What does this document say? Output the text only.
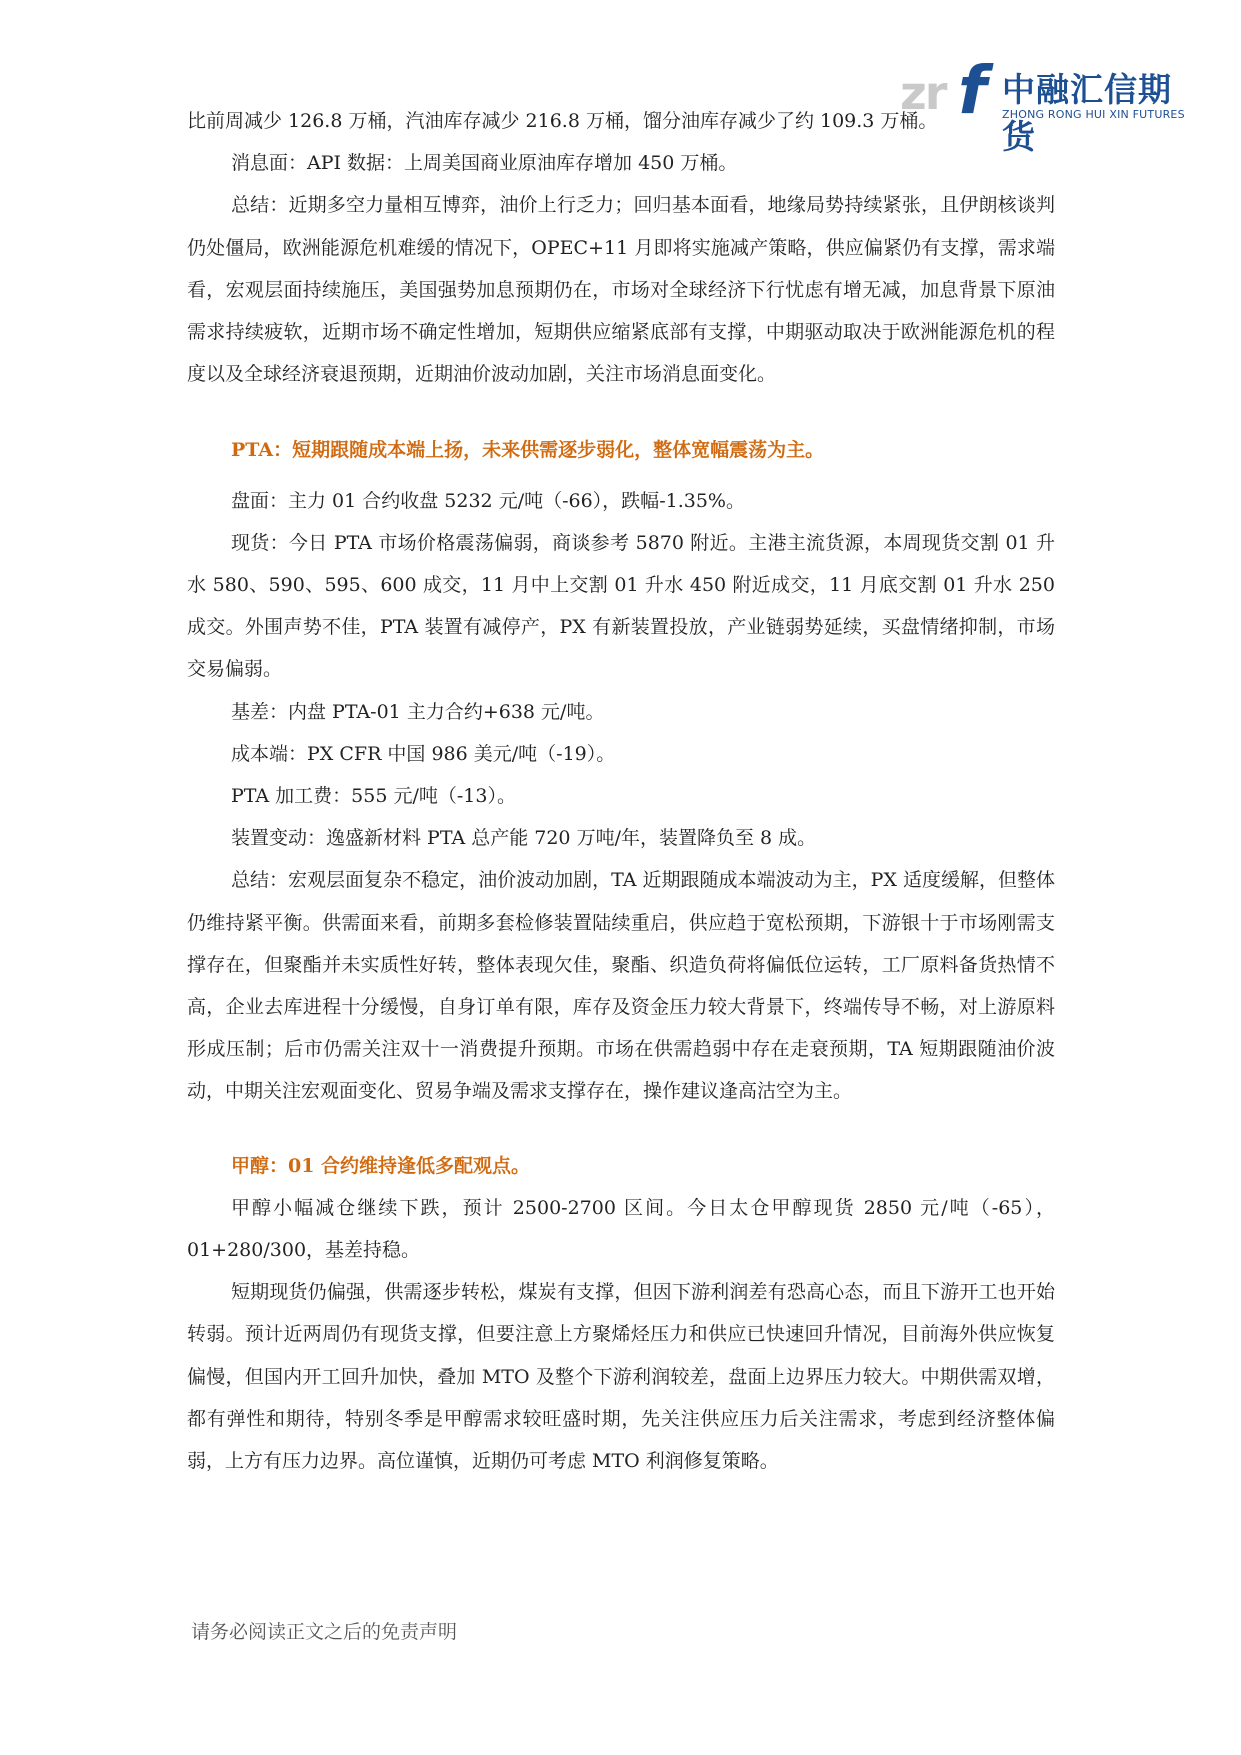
zr f 中融汇信期货
ZHONG RONG HUI XIN FUTURES

比前周减少 126.8 万桶，汽油库存减少 216.8 万桶，馏分油库存减少了约 109.3 万桶。

消息面：API 数据：上周美国商业原油库存增加 450 万桶。

总结：近期多空力量相互博弈，油价上行乏力；回归基本面看，地缘局势持续紧张，且伊朗核谈判仍处僵局，欧洲能源危机难缓的情况下，OPEC+11 月即将实施减产策略，供应偏紧仍有支撑，需求端看，宏观层面持续施压，美国强势加息预期仍在，市场对全球经济下行忧虑有增无减，加息背景下原油需求持续疲软，近期市场不确定性增加，短期供应缩紧底部有支撑，中期驱动取决于欧洲能源危机的程度以及全球经济衰退预期，近期油价波动加剧，关注市场消息面变化。

PTA：短期跟随成本端上扬，未来供需逐步弱化，整体宽幅震荡为主。

盘面：主力 01 合约收盘 5232 元/吨（-66），跌幅-1.35%。

现货：今日 PTA 市场价格震荡偏弱，商谈参考 5870 附近。主港主流货源，本周现货交割 01 升水 580、590、595、600 成交，11 月中上交割 01 升水 450 附近成交，11 月底交割 01 升水 250 成交。外围声势不佳，PTA 装置有减停产，PX 有新装置投放，产业链弱势延续，买盘情绪抑制，市场交易偏弱。

基差：内盘 PTA-01 主力合约+638 元/吨。

成本端：PX CFR 中国 986 美元/吨（-19）。

PTA 加工费：555 元/吨（-13）。

装置变动：逸盛新材料 PTA 总产能 720 万吨/年，装置降负至 8 成。

总结：宏观层面复杂不稳定，油价波动加剧，TA 近期跟随成本端波动为主，PX 适度缓解，但整体仍维持紧平衡。供需面来看，前期多套检修装置陆续重启，供应趋于宽松预期，下游银十于市场刚需支撑存在，但聚酯并未实质性好转，整体表现欠佳，聚酯、织造负荷将偏低位运转，工厂原料备货热情不高，企业去库进程十分缓慢，自身订单有限，库存及资金压力较大背景下，终端传导不畅，对上游原料形成压制；后市仍需关注双十一消费提升预期。市场在供需趋弱中存在走衰预期，TA 短期跟随油价波动，中期关注宏观面变化、贸易争端及需求支撑存在，操作建议逢高沽空为主。

甲醇：01 合约维持逢低多配观点。

甲醇小幅减仓继续下跌，预计 2500-2700 区间。今日太仓甲醇现货 2850 元/吨（-65），01+280/300，基差持稳。

短期现货仍偏强，供需逐步转松，煤炭有支撑，但因下游利润差有恐高心态，而且下游开工也开始转弱。预计近两周仍有现货支撑，但要注意上方聚烯烃压力和供应已快速回升情况，目前海外供应恢复偏慢，但国内开工回升加快，叠加 MTO 及整个下游利润较差，盘面上边界压力较大。中期供需双增，都有弹性和期待，特别冬季是甲醇需求较旺盛时期，先关注供应压力后关注需求，考虑到经济整体偏弱，上方有压力边界。高位谨慎，近期仍可考虑 MTO 利润修复策略。

请务必阅读正文之后的免责声明
